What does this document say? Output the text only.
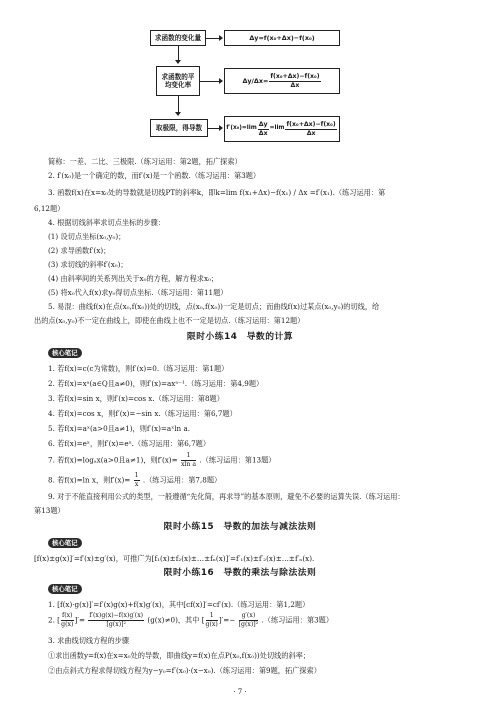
求函数的变化量	Δy=f(x₀+Δx)−f(x₀)
求函数的平均变化率	$\Delta y/\Delta x= \frac{\text{f(x₀+Δx)−f(x₀)}}{\Delta x}$
取极限，得导数	$f'(x_0)=\lim \frac{\Delta y}{\Delta x} =\lim \frac{\text{f(x₀+Δx)−f(x₀)}}{\Delta x}$
简称：一差、二比、三极限.（练习运用：第2题，拓广探索）
2. f′(x₀)是一个确定的数，而f′(x)是一个函数.（练习运用：第3题）
3. 函数f(x)在x=x₀处的导数就是切线PT的斜率k，即k=lim f(x₁+Δx)−f(x₁) / Δx =f′(x₁).（练习运用：第
6,12题）
4. 根据切线斜率求切点坐标的步骤：
(1) 设切点坐标(x₀,y₀)；
(2) 求导函数f′(x)；
(3) 求切线的斜率f′(x₀)；
(4) 由斜率间的关系列出关于x₀的方程，解方程求x₀；
(5) 将x₀代入f(x)求y₀得切点坐标.（练习运用：第11题）
5. 易混：曲线f(x)在点(x₀,f(x₀))处的切线，点(x₀,f(x₀))一定是切点；而曲线f(x)过某点(x₀,y₀)的切线，给
出的点(x₀,y₀)不一定在曲线上，即使在曲线上也不一定是切点.（练习运用：第12题）
限时小练14　导数的计算
核心笔记
1. 若f(x)=c(c为常数)，则f′(x)=0.（练习运用：第1题）
2. 若f(x)=xᵃ(a∈Q且a≠0)，则f′(x)=axᵃ⁻¹.（练习运用：第4,9题）
3. 若f(x)=sin x，则f′(x)=cos x.（练习运用：第8题）
4. 若f(x)=cos x，则f′(x)=−sin x.（练习运用：第6,7题）
5. 若f(x)=aˣ(a>0且a≠1)，则f′(x)=aˣln a.
6. 若f(x)=eˣ，则f′(x)=eˣ.（练习运用：第6,7题）
7. 若f(x)=logₐx(a>0且a≠1)，则$f'(x)= \frac{1}{\text{xln a}}$ .（练习运用：第13题）
8. 若f(x)=ln x，则$f'(x)= \frac{1}{x}$ .（练习运用：第7,8题）
9. 对于不能直接利用公式的类型，一般遵循“先化简，再求导”的基本原则，避免不必要的运算失误.（练习运用：
第13题）
限时小练15　导数的加法与减法法则
核心笔记
[f(x)±g(x)]′=f′(x)±g′(x)，可推广为[f₁(x)±f₂(x)±…±fₙ(x)]′=f′₁(x)±f′₂(x)±…±f′ₙ(x).
限时小练16　导数的乘法与除法法则
核心笔记
1. [f(x)·g(x)]′=f′(x)g(x)+f(x)g′(x)，其中[cf(x)]′=cf′(x).（练习运用：第1,2题）
2. [ $\frac{f(x)}{g(x)}$ ]′= $\frac{f'(x)g(x)-f(x)g'(x)}{\text{[g(x)]²}} (g(x)\ne 0)$，其中 [ $\frac{1}{g(x)}$ ]′=− $\frac{g'(x)}{\text{[g(x)]²}}$ .（练习运用：第3题）
3. 求曲线切线方程的步骤
①求出函数y=f(x)在x=x₀处的导数，即曲线y=f(x)在点P(x₀,f(x₀))处切线的斜率；
②由点斜式方程求得切线方程为y−y₀=f′(x₀)·(x−x₀).（练习运用：第9题，拓广探索）
· 7 ·
